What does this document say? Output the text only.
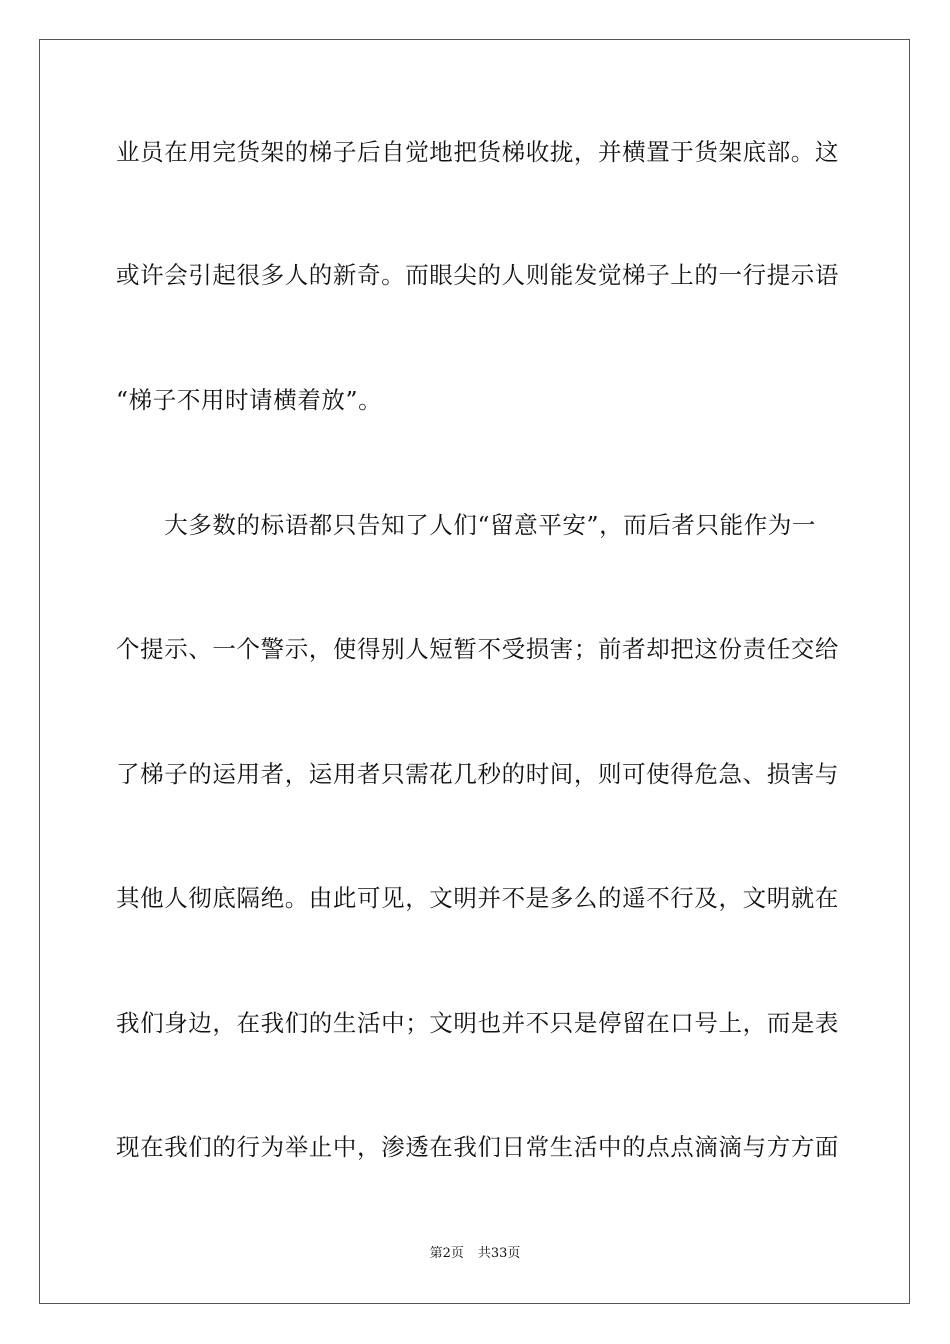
业员在用完货架的梯子后自觉地把货梯收拢，并横置于货架底部。这
或许会引起很多人的新奇。而眼尖的人则能发觉梯子上的一行提示语
“梯子不用时请横着放”。
　　大多数的标语都只告知了人们“留意平安”，而后者只能作为一
个提示、一个警示，使得别人短暂不受损害；前者却把这份责任交给
了梯子的运用者，运用者只需花几秒的时间，则可使得危急、损害与
其他人彻底隔绝。由此可见，文明并不是多么的遥不行及，文明就在
我们身边，在我们的生活中；文明也并不只是停留在口号上，而是表
现在我们的行为举止中，渗透在我们日常生活中的点点滴滴与方方面
第2页 共33页
